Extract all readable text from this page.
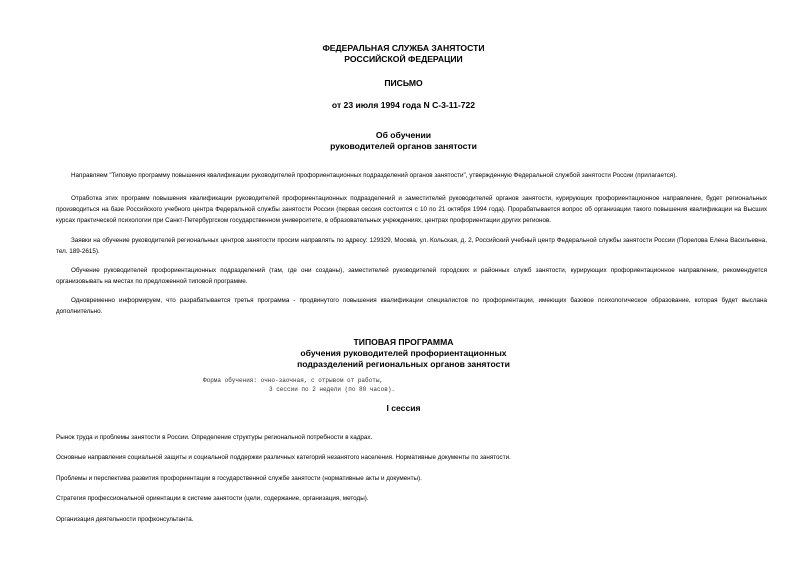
ФЕДЕРАЛЬНАЯ СЛУЖБА ЗАНЯТОСТИ
РОССИЙСКОЙ ФЕДЕРАЦИИ
ПИСЬМО
от 23 июля 1994 года N С-3-11-722
Об обучении
руководителей органов занятости
Направляем "Типовую программу повышения квалификации руководителей профориентационных подразделений органов занятости", утвержденную Федеральной службой занятости России (прилагается).
Отработка этих программ повышения квалификации руководителей профориентационных подразделений и заместителей руководителей органов занятости, курирующих профориентационное направление, будет региональных производиться на базе Российского учебного центра Федеральной службы занятости России (первая сессия состоится с 10 по 21 октября 1994 года). Прорабатывается вопрос об организации такого повышения квалификации на Высших курсах практической психологии при Санкт-Петербургском государственном университете, в образовательных учреждениях, центрах профориентации других регионов.
Заявки на обучение руководителей региональных центров занятости просим направлять по адресу: 129329, Москва, ул. Кольская, д. 2, Российский учебный центр Федеральной службы занятости России (Порелова Елена Васильевна, тел. 189-2615).
Обучение руководителей профориентационных подразделений (там, где они созданы), заместителей руководителей городских и районных служб занятости, курирующих профориентационное направление, рекомендуется организовывать на местах по предложенной типовой программе.
Одновременно информируем, что разрабатывается третья программа - продвинутого повышения квалификации специалистов по профориентации, имеющих базовое психологическое образование, которая будет выслана дополнительно.
ТИПОВАЯ ПРОГРАММА
обучения руководителей профориентационных
подразделений региональных органов занятости
Форма обучения: очно-заочная, с отрывом от работы,
3 сессии по 2 недели (по 80 часов).
I сессия
Рынок труда и проблемы занятости в России. Определение структуры региональной потребности в кадрах.
Основные направления социальной защиты и социальной поддержки различных категорий незанятого населения. Нормативные документы по занятости.
Проблемы и перспектива развития профориентации в государственной службе занятости (нормативные акты и документы).
Стратегия профессиональной ориентации в системе занятости (цели, содержание, организация, методы).
Организация деятельности профконсультанта.
